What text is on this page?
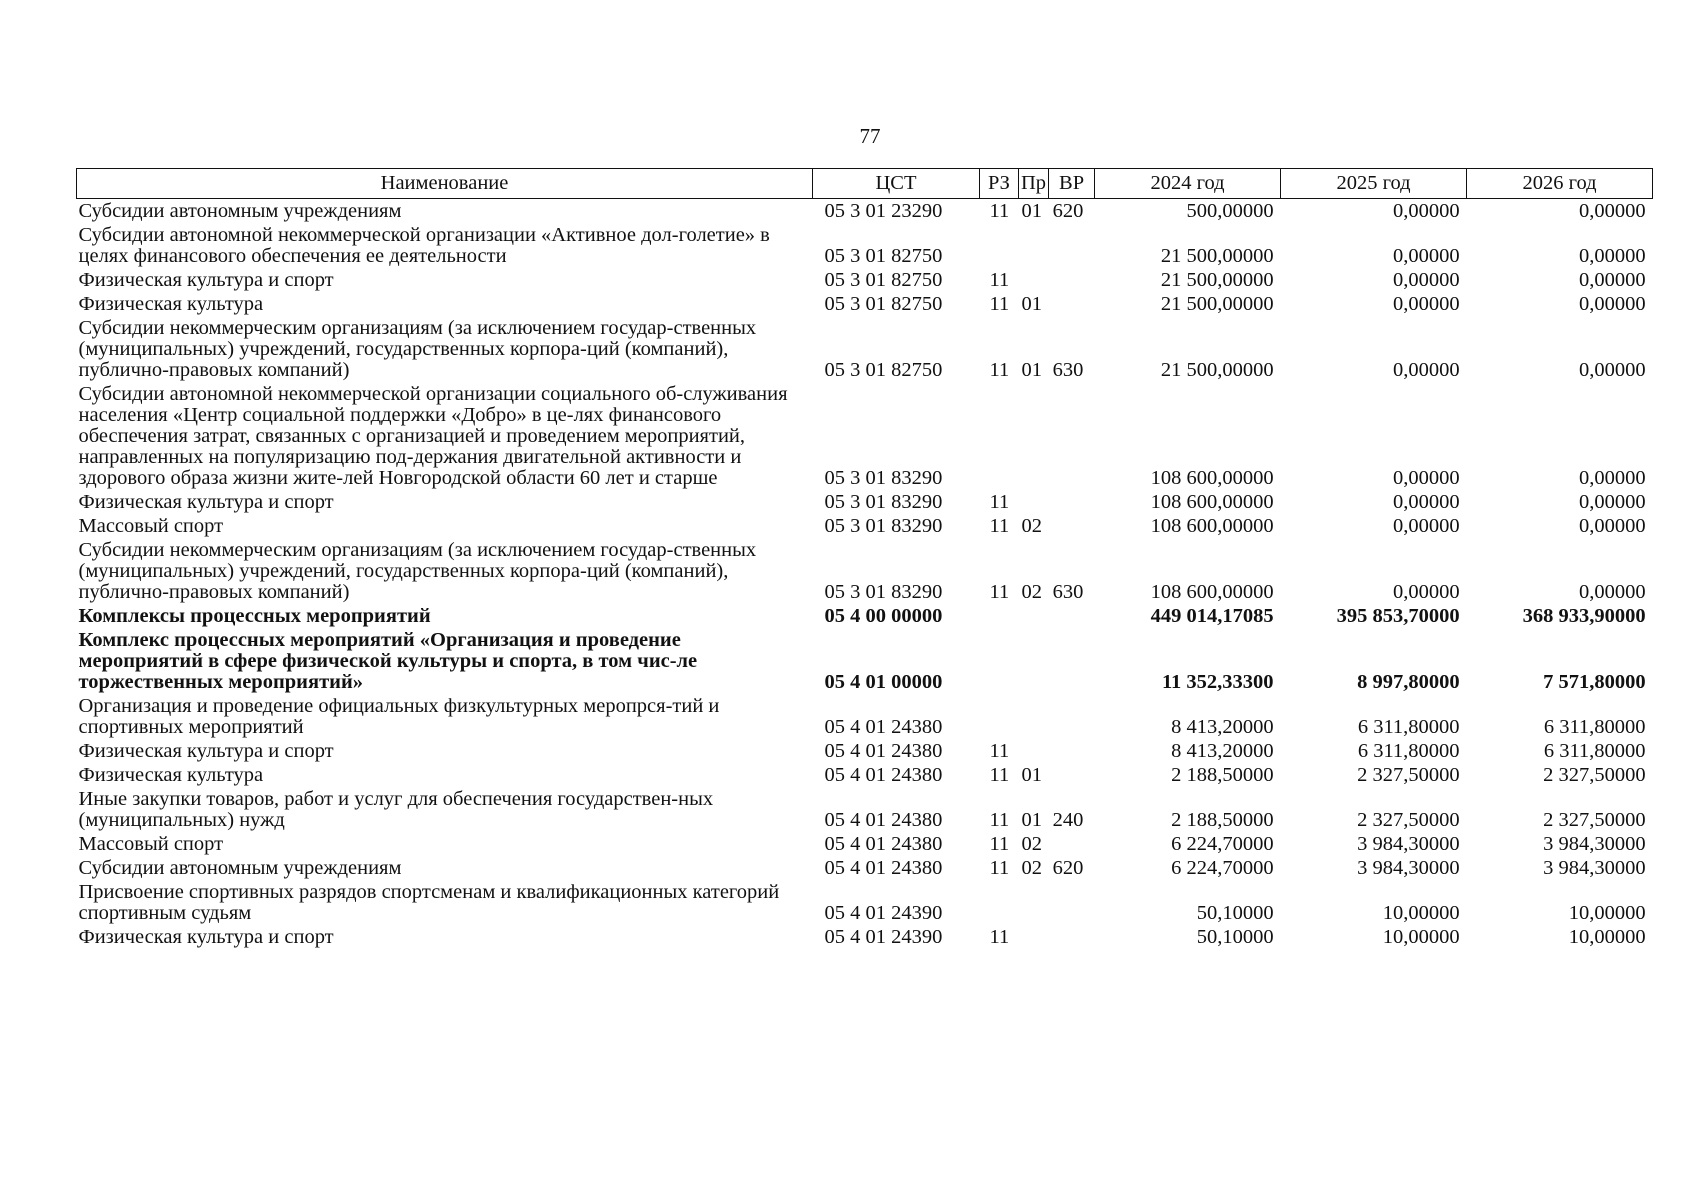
77
Наименование	ЦСТ	РЗ	Пр	ВР	2024 год	2025 год	2026 год
Субсидии автономным учреждениям	05 3 01 23290	11	01	620	500,00000	0,00000	0,00000
Субсидии автономной некоммерческой организации «Активное дол-голетие» в целях финансового обеспечения ее деятельности	05 3 01 82750				21 500,00000	0,00000	0,00000
Физическая культура и спорт	05 3 01 82750	11			21 500,00000	0,00000	0,00000
Физическая культура	05 3 01 82750	11	01		21 500,00000	0,00000	0,00000
Субсидии некоммерческим организациям (за исключением государ-ственных (муниципальных) учреждений, государственных корпора-ций (компаний), публично-правовых компаний)	05 3 01 82750	11	01	630	21 500,00000	0,00000	0,00000
Субсидии автономной некоммерческой организации социального об-служивания населения «Центр социальной поддержки «Добро» в це-лях финансового обеспечения затрат, связанных с организацией и проведением мероприятий, направленных на популяризацию под-держания двигательной активности и здорового образа жизни жите-лей Новгородской области 60 лет и старше	05 3 01 83290				108 600,00000	0,00000	0,00000
Физическая культура и спорт	05 3 01 83290	11			108 600,00000	0,00000	0,00000
Массовый спорт	05 3 01 83290	11	02		108 600,00000	0,00000	0,00000
Субсидии некоммерческим организациям (за исключением государ-ственных (муниципальных) учреждений, государственных корпора-ций (компаний), публично-правовых компаний)	05 3 01 83290	11	02	630	108 600,00000	0,00000	0,00000
Комплексы процессных мероприятий	05 4 00 00000				449 014,17085	395 853,70000	368 933,90000
Комплекс процессных мероприятий «Организация и проведение мероприятий в сфере физической культуры и спорта, в том чис-ле торжественных мероприятий»	05 4 01 00000				11 352,33300	8 997,80000	7 571,80000
Организация и проведение официальных физкультурных меропрся-тий и спортивных мероприятий	05 4 01 24380				8 413,20000	6 311,80000	6 311,80000
Физическая культура и спорт	05 4 01 24380	11			8 413,20000	6 311,80000	6 311,80000
Физическая культура	05 4 01 24380	11	01		2 188,50000	2 327,50000	2 327,50000
Иные закупки товаров, работ и услуг для обеспечения государствен-ных (муниципальных) нужд	05 4 01 24380	11	01	240	2 188,50000	2 327,50000	2 327,50000
Массовый спорт	05 4 01 24380	11	02		6 224,70000	3 984,30000	3 984,30000
Субсидии автономным учреждениям	05 4 01 24380	11	02	620	6 224,70000	3 984,30000	3 984,30000
Присвоение спортивных разрядов спортсменам и квалификационных категорий спортивным судьям	05 4 01 24390				50,10000	10,00000	10,00000
Физическая культура и спорт	05 4 01 24390	11			50,10000	10,00000	10,00000
